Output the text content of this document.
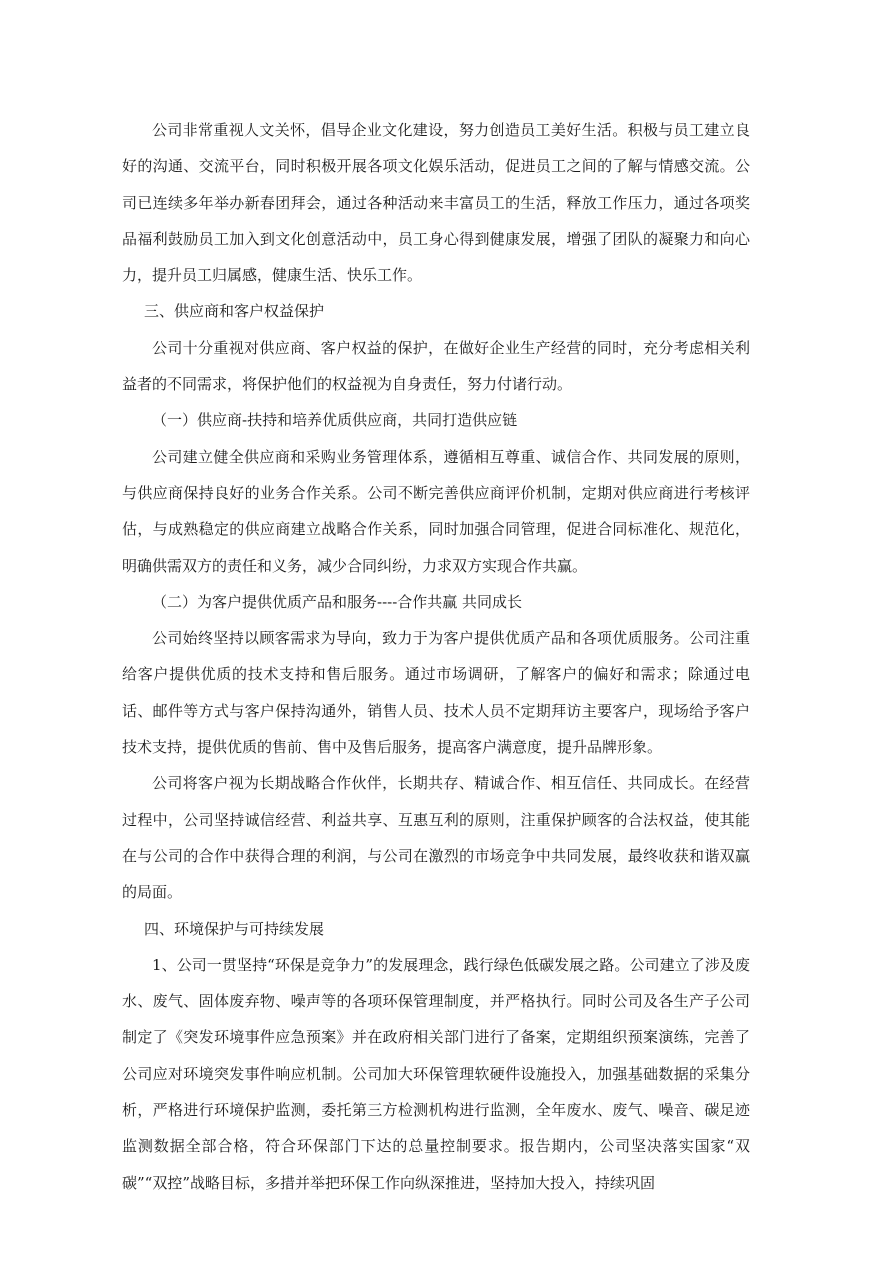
公司非常重视人文关怀，倡导企业文化建设，努力创造员工美好生活。积极与员工建立良好的沟通、交流平台，同时积极开展各项文化娱乐活动，促进员工之间的了解与情感交流。公司已连续多年举办新春团拜会，通过各种活动来丰富员工的生活，释放工作压力，通过各项奖品福利鼓励员工加入到文化创意活动中，员工身心得到健康发展，增强了团队的凝聚力和向心力，提升员工归属感，健康生活、快乐工作。

三、供应商和客户权益保护

公司十分重视对供应商、客户权益的保护，在做好企业生产经营的同时，充分考虑相关利益者的不同需求，将保护他们的权益视为自身责任，努力付诸行动。

（一）供应商-扶持和培养优质供应商，共同打造供应链

公司建立健全供应商和采购业务管理体系，遵循相互尊重、诚信合作、共同发展的原则，与供应商保持良好的业务合作关系。公司不断完善供应商评价机制，定期对供应商进行考核评估，与成熟稳定的供应商建立战略合作关系，同时加强合同管理，促进合同标准化、规范化，明确供需双方的责任和义务，减少合同纠纷，力求双方实现合作共赢。

（二）为客户提供优质产品和服务----合作共赢 共同成长

公司始终坚持以顾客需求为导向，致力于为客户提供优质产品和各项优质服务。公司注重给客户提供优质的技术支持和售后服务。通过市场调研，了解客户的偏好和需求；除通过电话、邮件等方式与客户保持沟通外，销售人员、技术人员不定期拜访主要客户，现场给予客户技术支持，提供优质的售前、售中及售后服务，提高客户满意度，提升品牌形象。

公司将客户视为长期战略合作伙伴，长期共存、精诚合作、相互信任、共同成长。在经营过程中，公司坚持诚信经营、利益共享、互惠互利的原则，注重保护顾客的合法权益，使其能在与公司的合作中获得合理的利润，与公司在激烈的市场竞争中共同发展，最终收获和谐双赢的局面。

四、环境保护与可持续发展

1、公司一贯坚持“环保是竞争力”的发展理念，践行绿色低碳发展之路。公司建立了涉及废水、废气、固体废弃物、噪声等的各项环保管理制度，并严格执行。同时公司及各生产子公司制定了《突发环境事件应急预案》并在政府相关部门进行了备案，定期组织预案演练，完善了公司应对环境突发事件响应机制。公司加大环保管理软硬件设施投入，加强基础数据的采集分析，严格进行环境保护监测，委托第三方检测机构进行监测，全年废水、废气、噪音、碳足迹监测数据全部合格，符合环保部门下达的总量控制要求。报告期内，公司坚决落实国家“双碳”“双控”战略目标，多措并举把环保工作向纵深推进，坚持加大投入，持续巩固
